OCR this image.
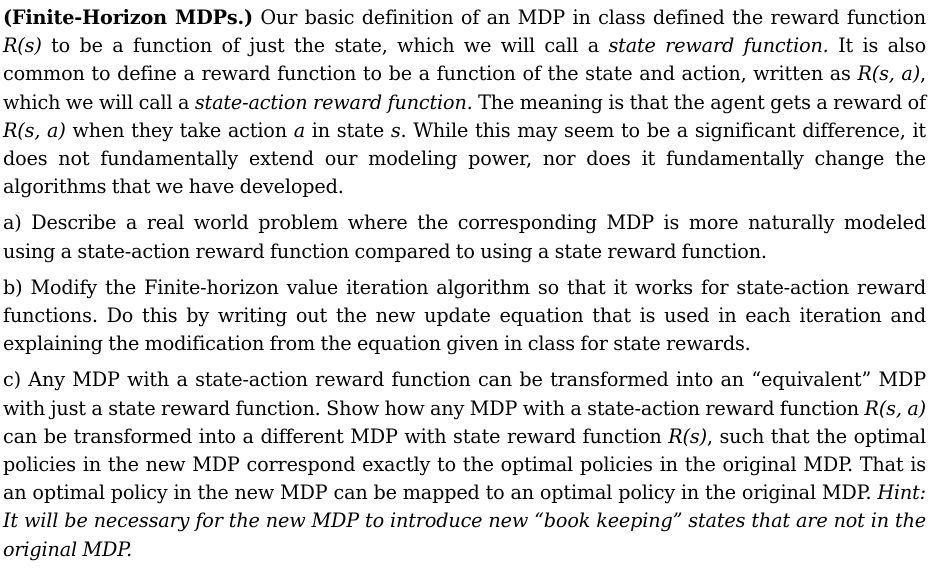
(Finite-Horizon MDPs.) Our basic definition of an MDP in class defined the reward function R(s) to be a function of just the state, which we will call a state reward function. It is also common to define a reward function to be a function of the state and action, written as R(s, a), which we will call a state-action reward function. The meaning is that the agent gets a reward of R(s, a) when they take action a in state s. While this may seem to be a significant difference, it does not fundamentally extend our modeling power, nor does it fundamentally change the algorithms that we have developed.

a) Describe a real world problem where the corresponding MDP is more naturally modeled using a state-action reward function compared to using a state reward function.

b) Modify the Finite-horizon value iteration algorithm so that it works for state-action reward functions. Do this by writing out the new update equation that is used in each iteration and explaining the modification from the equation given in class for state rewards.

c) Any MDP with a state-action reward function can be transformed into an “equivalent” MDP with just a state reward function. Show how any MDP with a state-action reward function R(s, a) can be transformed into a different MDP with state reward function R(s), such that the optimal policies in the new MDP correspond exactly to the optimal policies in the original MDP. That is an optimal policy in the new MDP can be mapped to an optimal policy in the original MDP. Hint: It will be necessary for the new MDP to introduce new “book keeping” states that are not in the original MDP.
